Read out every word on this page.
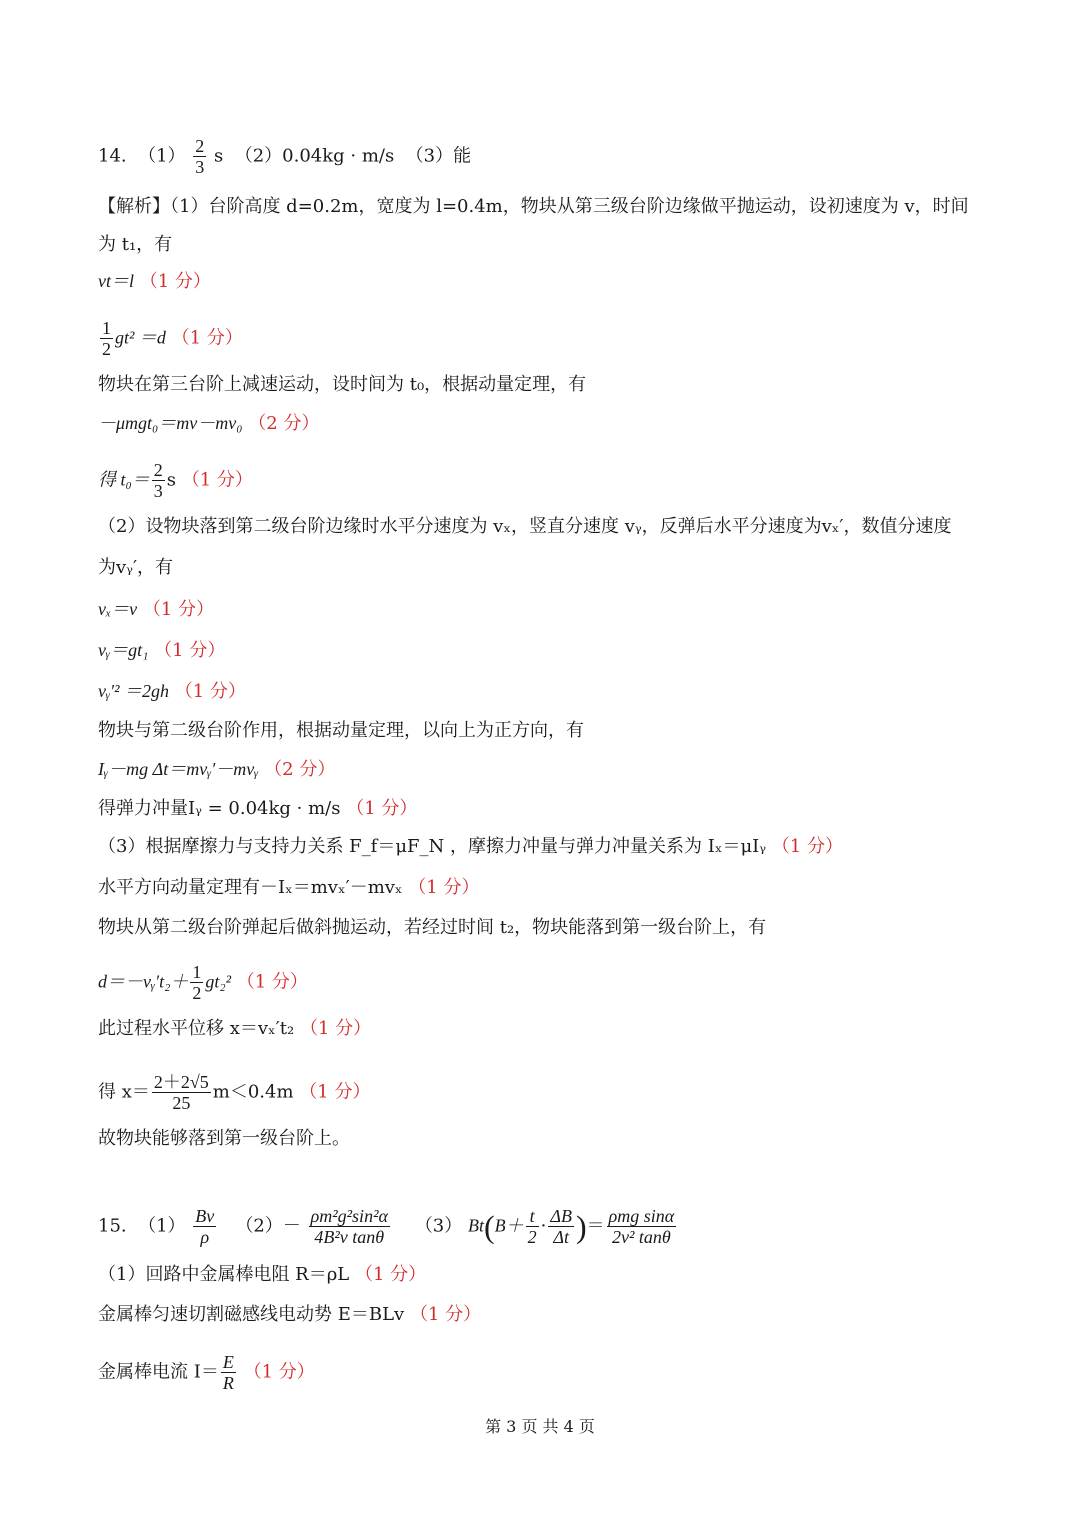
14. $(1) \frac{2}{3}$ s （2）0.04kg · m/s （3）能
【解析】（1）台阶高度 d=0.2m，宽度为 l=0.4m，物块从第三级台阶边缘做平抛运动，设初速度为 v，时间
为 t₁，有
vt＝l （1 分）
$\frac{1}{2} gt^2 =d$ （1 分）
物块在第三台阶上减速运动，设时间为 t₀，根据动量定理，有
－μmgt₀＝mv－mv₀ （2 分）
得 $t_0= \frac{2}{3}$ s （1 分）
（2）设物块落到第二级台阶边缘时水平分速度为 vₓ，竖直分速度 vᵧ，反弹后水平分速度为vₓ′，数值分速度
为vᵧ′，有
vₓ＝v （1 分）
vᵧ＝gt₁ （1 分）
vᵧ′² ＝2gh （1 分）
物块与第二级台阶作用，根据动量定理，以向上为正方向，有
Iᵧ－mg Δt＝mvᵧ′－mvᵧ （2 分）
得弹力冲量Iᵧ = 0.04kg · m/s （1 分）
（3）根据摩擦力与支持力关系 F_f＝μF_N ，摩擦力冲量与弹力冲量关系为 Iₓ＝μIᵧ （1 分）
水平方向动量定理有－Iₓ＝mvₓ′－mvₓ （1 分）
物块从第二级台阶弹起后做斜抛运动，若经过时间 t₂，物块能落到第一级台阶上，有
d＝－vᵧ′t₂＋ $\frac{1}{2} gt_2^2$ （1 分）
此过程水平位移 x＝vₓ′t₂ （1 分）
得 $x= \frac{2+2√5}{25} m<0.4m$ （1 分）
故物块能够落到第一级台阶上。
15. $(1) \frac{Bv}{\rho} (2)- \frac{\text{ρm²g²sin²α}}{\text{4B²v tanθ}} (3)$ $Bt(B+ \frac{t}{2} \cdot \frac{\Delta B}{\Delta t}$ )＝ $\frac{\text{ρmg sinα}}{\text{2v² tanθ}}$
（1）回路中金属棒电阻 R＝ρL （1 分）
金属棒匀速切割磁感线电动势 E＝BLv （1 分）
金属棒电流 $I= \frac{E}{R} (1$ 分）
第 3 页 共 4 页
